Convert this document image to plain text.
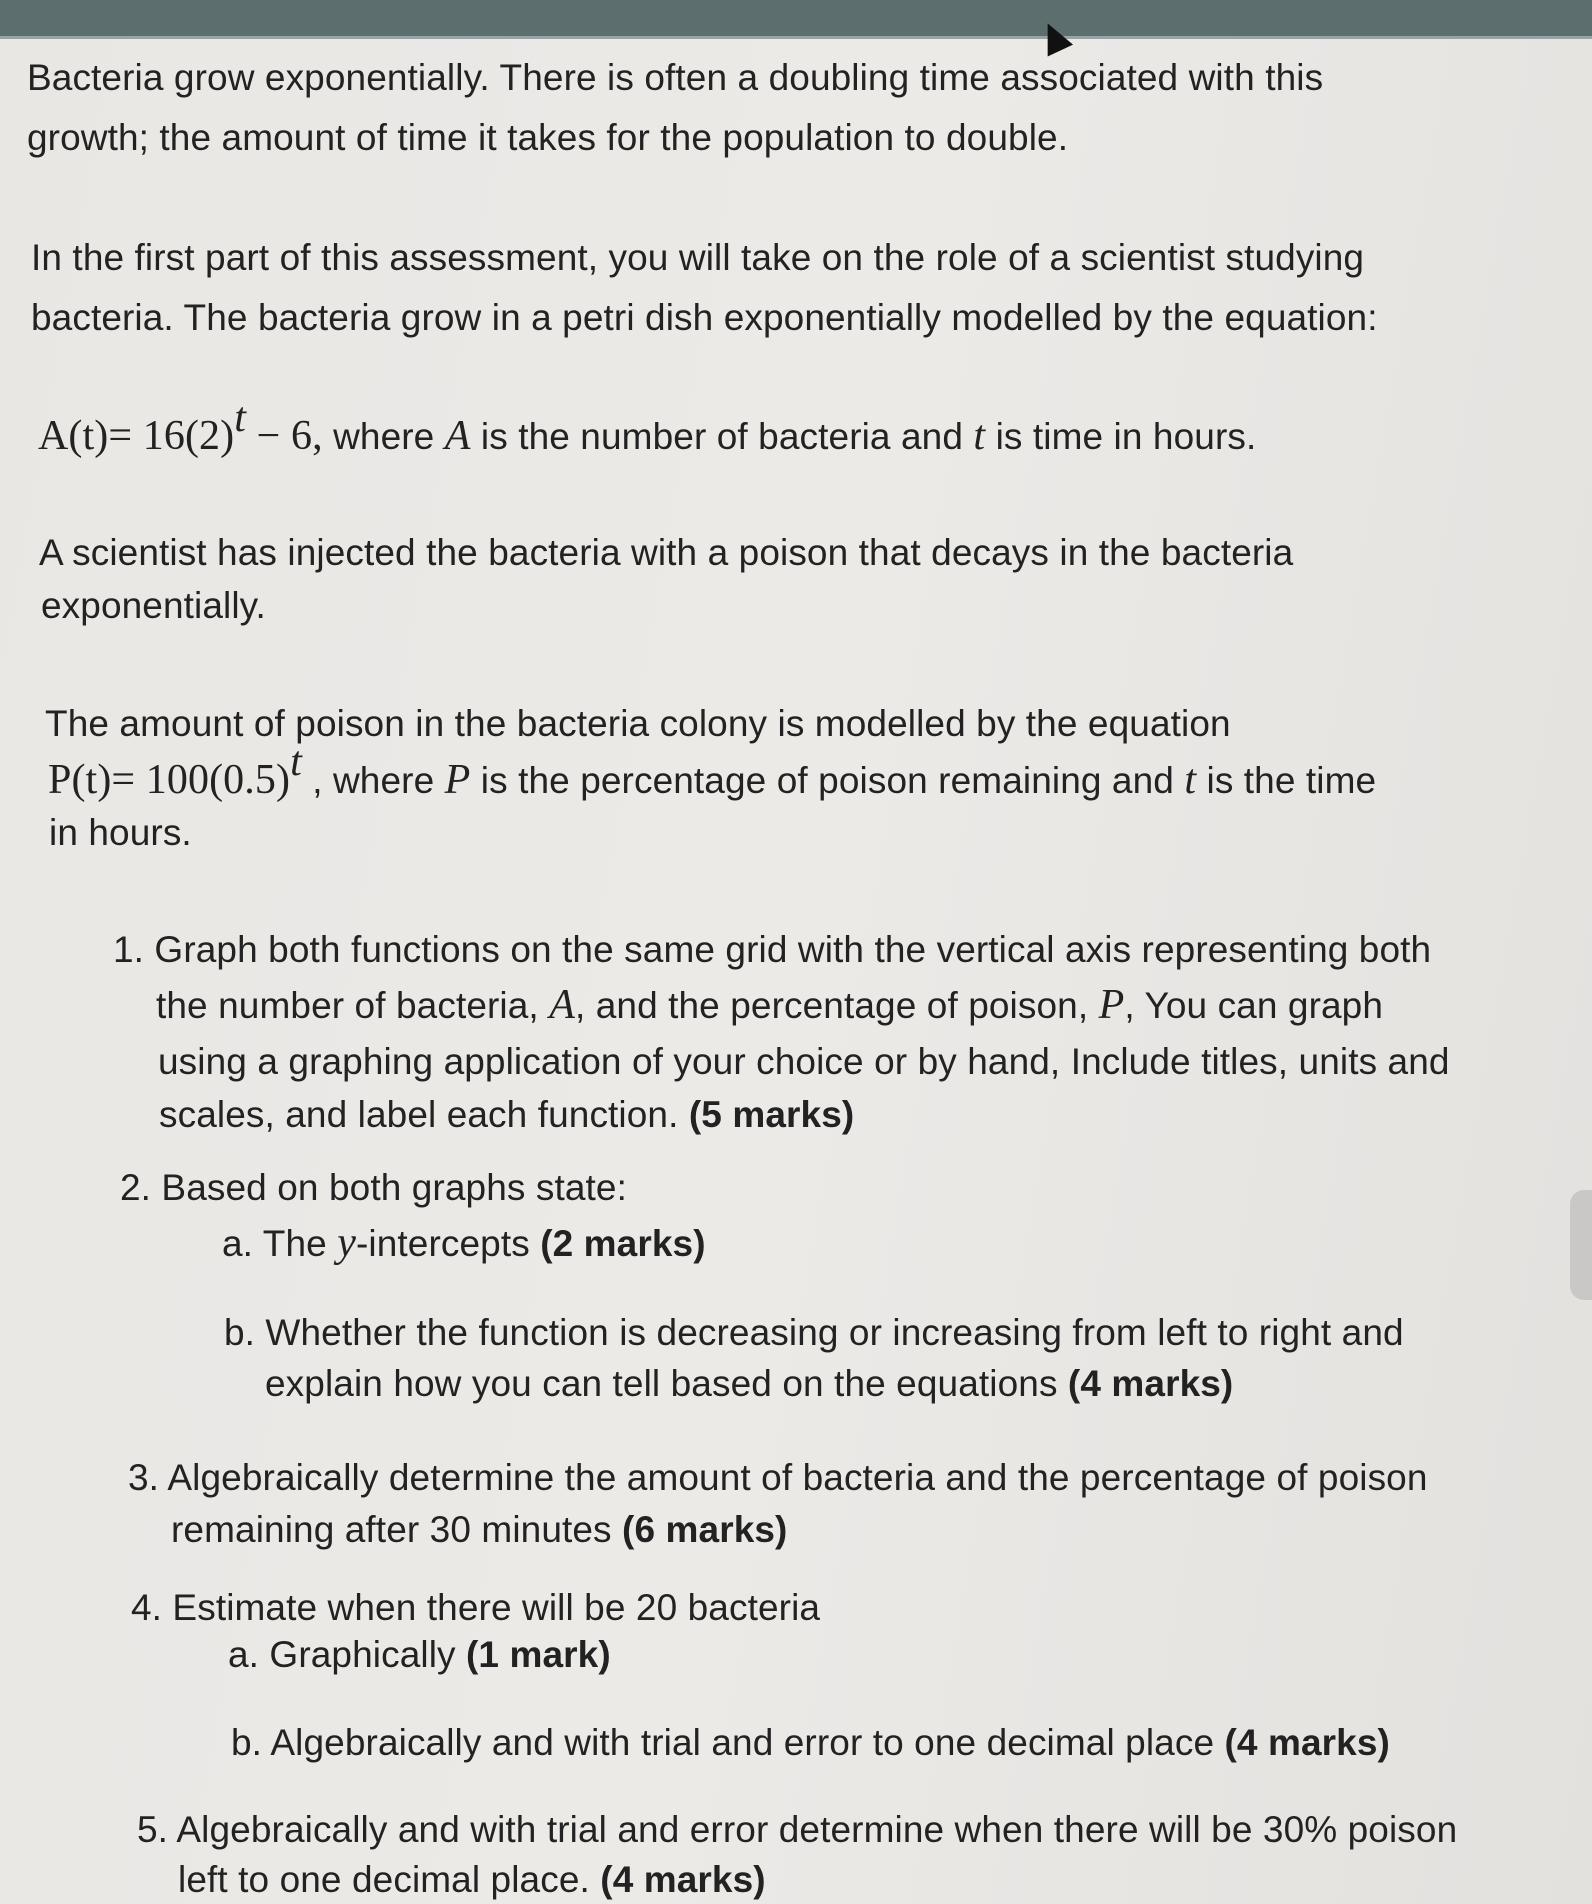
Bacteria grow exponentially. There is often a doubling time associated with this
growth; the amount of time it takes for the population to double.
In the first part of this assessment, you will take on the role of a scientist studying
bacteria. The bacteria grow in a petri dish exponentially modelled by the equation:
$A(t)= 16(2)^t - 6$, where A is the number of bacteria and t is time in hours.
A scientist has injected the bacteria with a poison that decays in the bacteria
exponentially.
The amount of poison in the bacteria colony is modelled by the equation
$P(t)= 100(0.5)^t$ , where P is the percentage of poison remaining and t is the time
in hours.
1. Graph both functions on the same grid with the vertical axis representing both
the number of bacteria, A, and the percentage of poison, P, You can graph
using a graphing application of your choice or by hand, Include titles, units and
scales, and label each function. (5 marks)
2. Based on both graphs state:
a. The y-intercepts (2 marks)
b. Whether the function is decreasing or increasing from left to right and
explain how you can tell based on the equations (4 marks)
3. Algebraically determine the amount of bacteria and the percentage of poison
remaining after 30 minutes (6 marks)
4. Estimate when there will be 20 bacteria
a. Graphically (1 mark)
b. Algebraically and with trial and error to one decimal place (4 marks)
5. Algebraically and with trial and error determine when there will be 30% poison
left to one decimal place. (4 marks)
